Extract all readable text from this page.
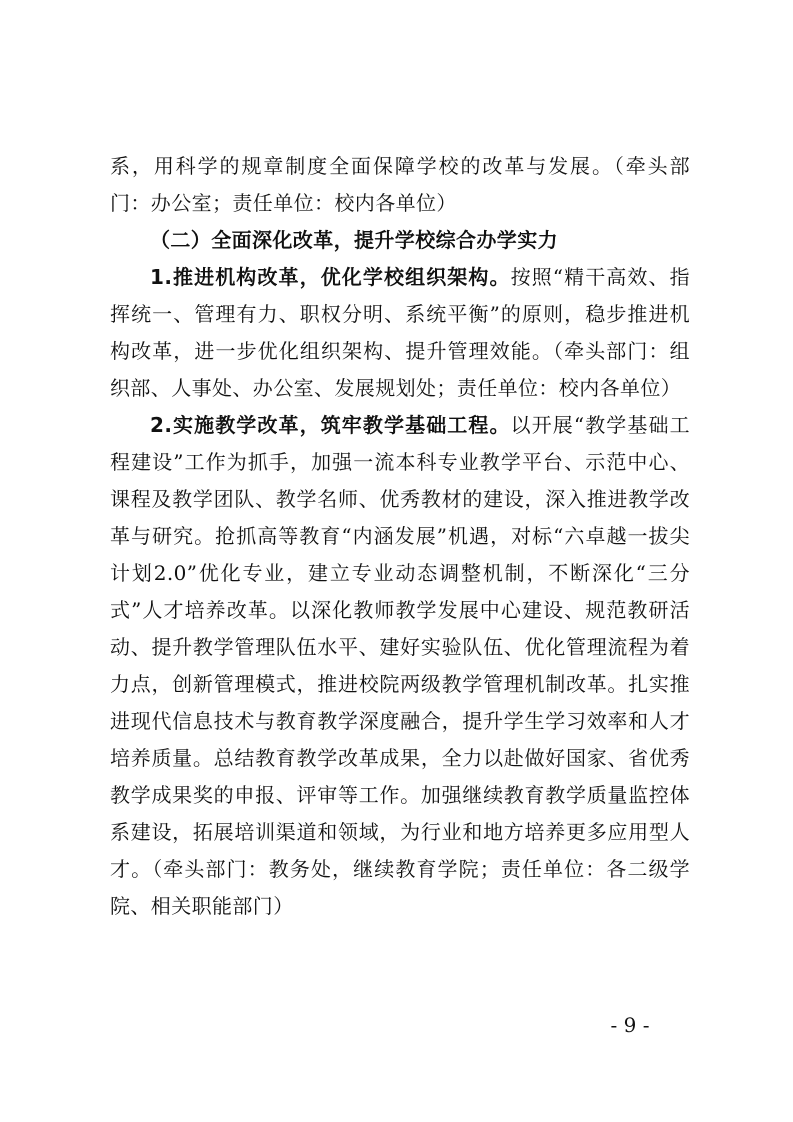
系，用科学的规章制度全面保障学校的改革与发展。（牵头部门：办公室；责任单位：校内各单位）

（二）全面深化改革，提升学校综合办学实力

1.推进机构改革，优化学校组织架构。按照“精干高效、指挥统一、管理有力、职权分明、系统平衡”的原则，稳步推进机构改革，进一步优化组织架构、提升管理效能。（牵头部门：组织部、人事处、办公室、发展规划处；责任单位：校内各单位）

2.实施教学改革，筑牢教学基础工程。以开展“教学基础工程建设”工作为抓手，加强一流本科专业教学平台、示范中心、课程及教学团队、教学名师、优秀教材的建设，深入推进教学改革与研究。抢抓高等教育“内涵发展”机遇，对标“六卓越一拔尖计划2.0”优化专业，建立专业动态调整机制，不断深化“三分式”人才培养改革。以深化教师教学发展中心建设、规范教研活动、提升教学管理队伍水平、建好实验队伍、优化管理流程为着力点，创新管理模式，推进校院两级教学管理机制改革。扎实推进现代信息技术与教育教学深度融合，提升学生学习效率和人才培养质量。总结教育教学改革成果，全力以赴做好国家、省优秀教学成果奖的申报、评审等工作。加强继续教育教学质量监控体系建设，拓展培训渠道和领域，为行业和地方培养更多应用型人才。（牵头部门：教务处，继续教育学院；责任单位：各二级学院、相关职能部门）

- 9 -
